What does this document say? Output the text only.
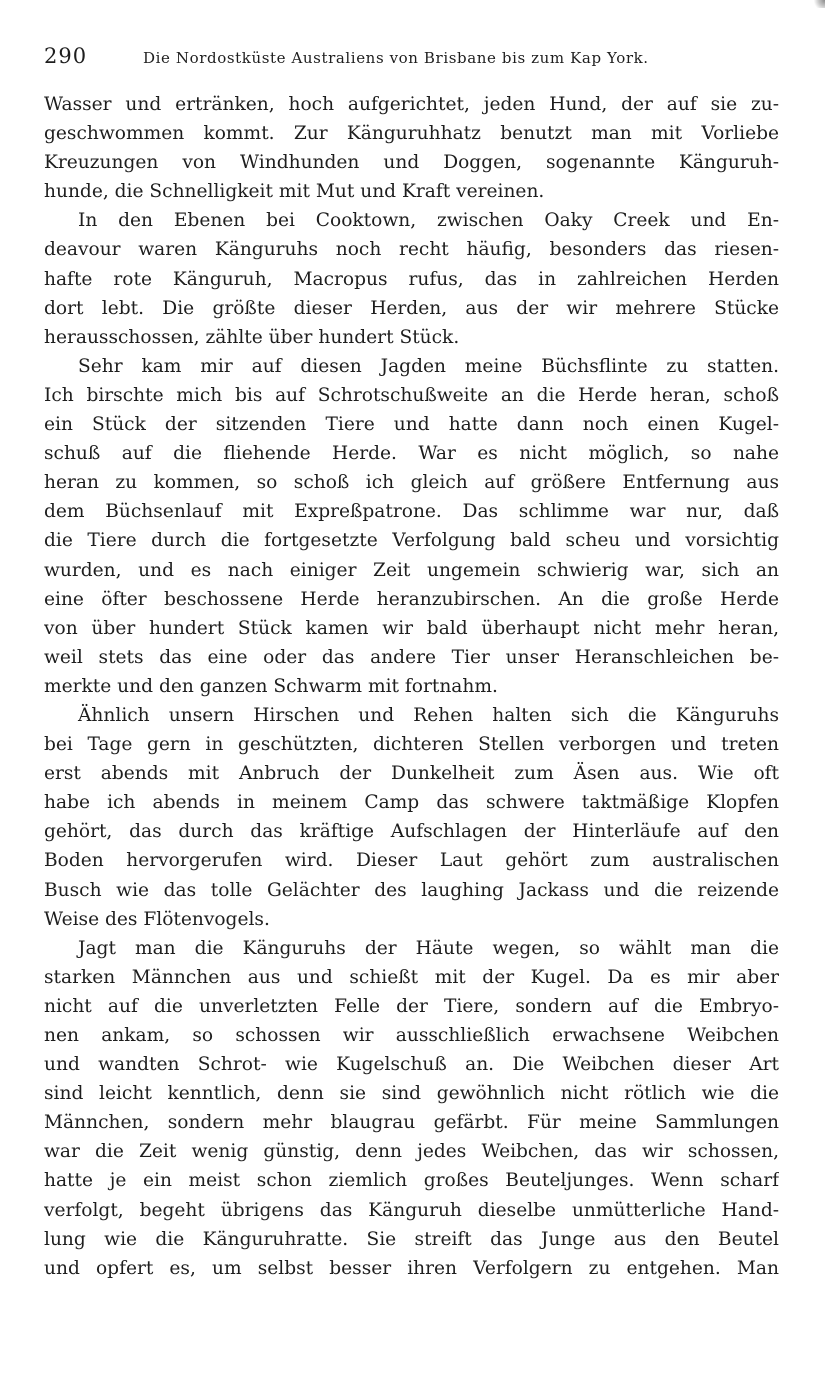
290	Die Nordostküste Australiens von Brisbane bis zum Kap York.
Wasser und ertränken, hoch aufgerichtet, jeden Hund, der auf sie zu-
geschwommen kommt. Zur Känguruhhatz benutzt man mit Vorliebe
Kreuzungen von Windhunden und Doggen, sogenannte Känguruh-
hunde, die Schnelligkeit mit Mut und Kraft vereinen.
In den Ebenen bei Cooktown, zwischen Oaky Creek und En-
deavour waren Känguruhs noch recht häufig, besonders das riesen-
hafte rote Känguruh, Macropus rufus, das in zahlreichen Herden
dort lebt. Die größte dieser Herden, aus der wir mehrere Stücke
herausschossen, zählte über hundert Stück.
Sehr kam mir auf diesen Jagden meine Büchsflinte zu statten.
Ich birschte mich bis auf Schrotschußweite an die Herde heran, schoß
ein Stück der sitzenden Tiere und hatte dann noch einen Kugel-
schuß auf die fliehende Herde. War es nicht möglich, so nahe
heran zu kommen, so schoß ich gleich auf größere Entfernung aus
dem Büchsenlauf mit Expreßpatrone. Das schlimme war nur, daß
die Tiere durch die fortgesetzte Verfolgung bald scheu und vorsichtig
wurden, und es nach einiger Zeit ungemein schwierig war, sich an
eine öfter beschossene Herde heranzubirschen. An die große Herde
von über hundert Stück kamen wir bald überhaupt nicht mehr heran,
weil stets das eine oder das andere Tier unser Heranschleichen be-
merkte und den ganzen Schwarm mit fortnahm.
Ähnlich unsern Hirschen und Rehen halten sich die Känguruhs
bei Tage gern in geschützten, dichteren Stellen verborgen und treten
erst abends mit Anbruch der Dunkelheit zum Äsen aus. Wie oft
habe ich abends in meinem Camp das schwere taktmäßige Klopfen
gehört, das durch das kräftige Aufschlagen der Hinterläufe auf den
Boden hervorgerufen wird. Dieser Laut gehört zum australischen
Busch wie das tolle Gelächter des laughing Jackass und die reizende
Weise des Flötenvogels.
Jagt man die Känguruhs der Häute wegen, so wählt man die
starken Männchen aus und schießt mit der Kugel. Da es mir aber
nicht auf die unverletzten Felle der Tiere, sondern auf die Embryo-
nen ankam, so schossen wir ausschließlich erwachsene Weibchen
und wandten Schrot- wie Kugelschuß an. Die Weibchen dieser Art
sind leicht kenntlich, denn sie sind gewöhnlich nicht rötlich wie die
Männchen, sondern mehr blaugrau gefärbt. Für meine Sammlungen
war die Zeit wenig günstig, denn jedes Weibchen, das wir schossen,
hatte je ein meist schon ziemlich großes Beuteljunges. Wenn scharf
verfolgt, begeht übrigens das Känguruh dieselbe unmütterliche Hand-
lung wie die Känguruhratte. Sie streift das Junge aus den Beutel
und opfert es, um selbst besser ihren Verfolgern zu entgehen. Man
